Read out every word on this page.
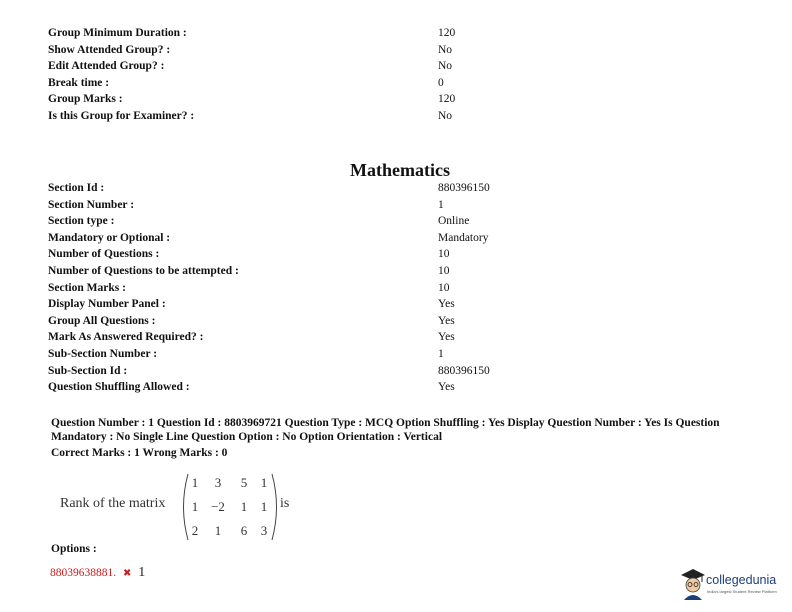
Group Minimum Duration :	120
Show Attended Group? :	No
Edit Attended Group? :	No
Break time :	0
Group Marks :	120
Is this Group for Examiner? :	No
Mathematics
Section Id :	880396150
Section Number :	1
Section type :	Online
Mandatory or Optional :	Mandatory
Number of Questions :	10
Number of Questions to be attempted :	10
Section Marks :	10
Display Number Panel :	Yes
Group All Questions :	Yes
Mark As Answered Required? :	Yes
Sub-Section Number :	1
Sub-Section Id :	880396150
Question Shuffling Allowed :	Yes
Question Number : 1 Question Id : 8803969721 Question Type : MCQ Option Shuffling : Yes Display Question Number : Yes Is Question Mandatory : No Single Line Question Option : No Option Orientation : Vertical
Correct Marks : 1 Wrong Marks : 0
Rank of the matrix
1 3 5 1
1 −2 1 1
2 1 6 3
is
Options :
88039638881. ✖ 1	collegedunia
India's largest Student Review Platform
